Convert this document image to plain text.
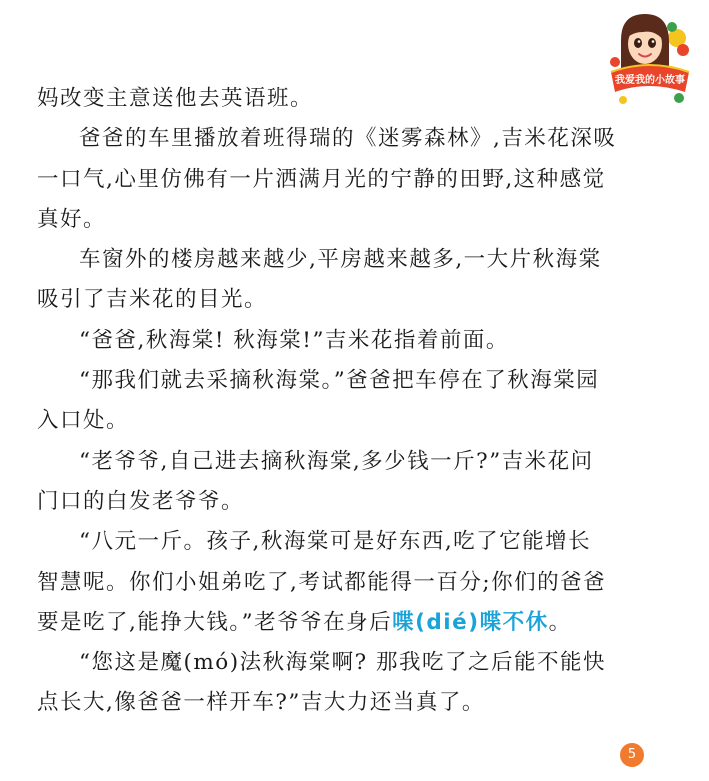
我爱我的小故事

妈改变主意送他去英语班。

爸爸的车里播放着班得瑞的《迷雾森林》,吉米花深吸
一口气,心里仿佛有一片洒满月光的宁静的田野,这种感觉
真好。

车窗外的楼房越来越少,平房越来越多,一大片秋海棠
吸引了吉米花的目光。

“爸爸,秋海棠! 秋海棠!”吉米花指着前面。

“那我们就去采摘秋海棠。”爸爸把车停在了秋海棠园
入口处。

“老爷爷,自己进去摘秋海棠,多少钱一斤?”吉米花问
门口的白发老爷爷。

“八元一斤。孩子,秋海棠可是好东西,吃了它能增长
智慧呢。你们小姐弟吃了,考试都能得一百分;你们的爸爸
要是吃了,能挣大钱。”老爷爷在身后喋(dié)喋不休。

“您这是魔(mó)法秋海棠啊? 那我吃了之后能不能快
点长大,像爸爸一样开车?”吉大力还当真了。

5
